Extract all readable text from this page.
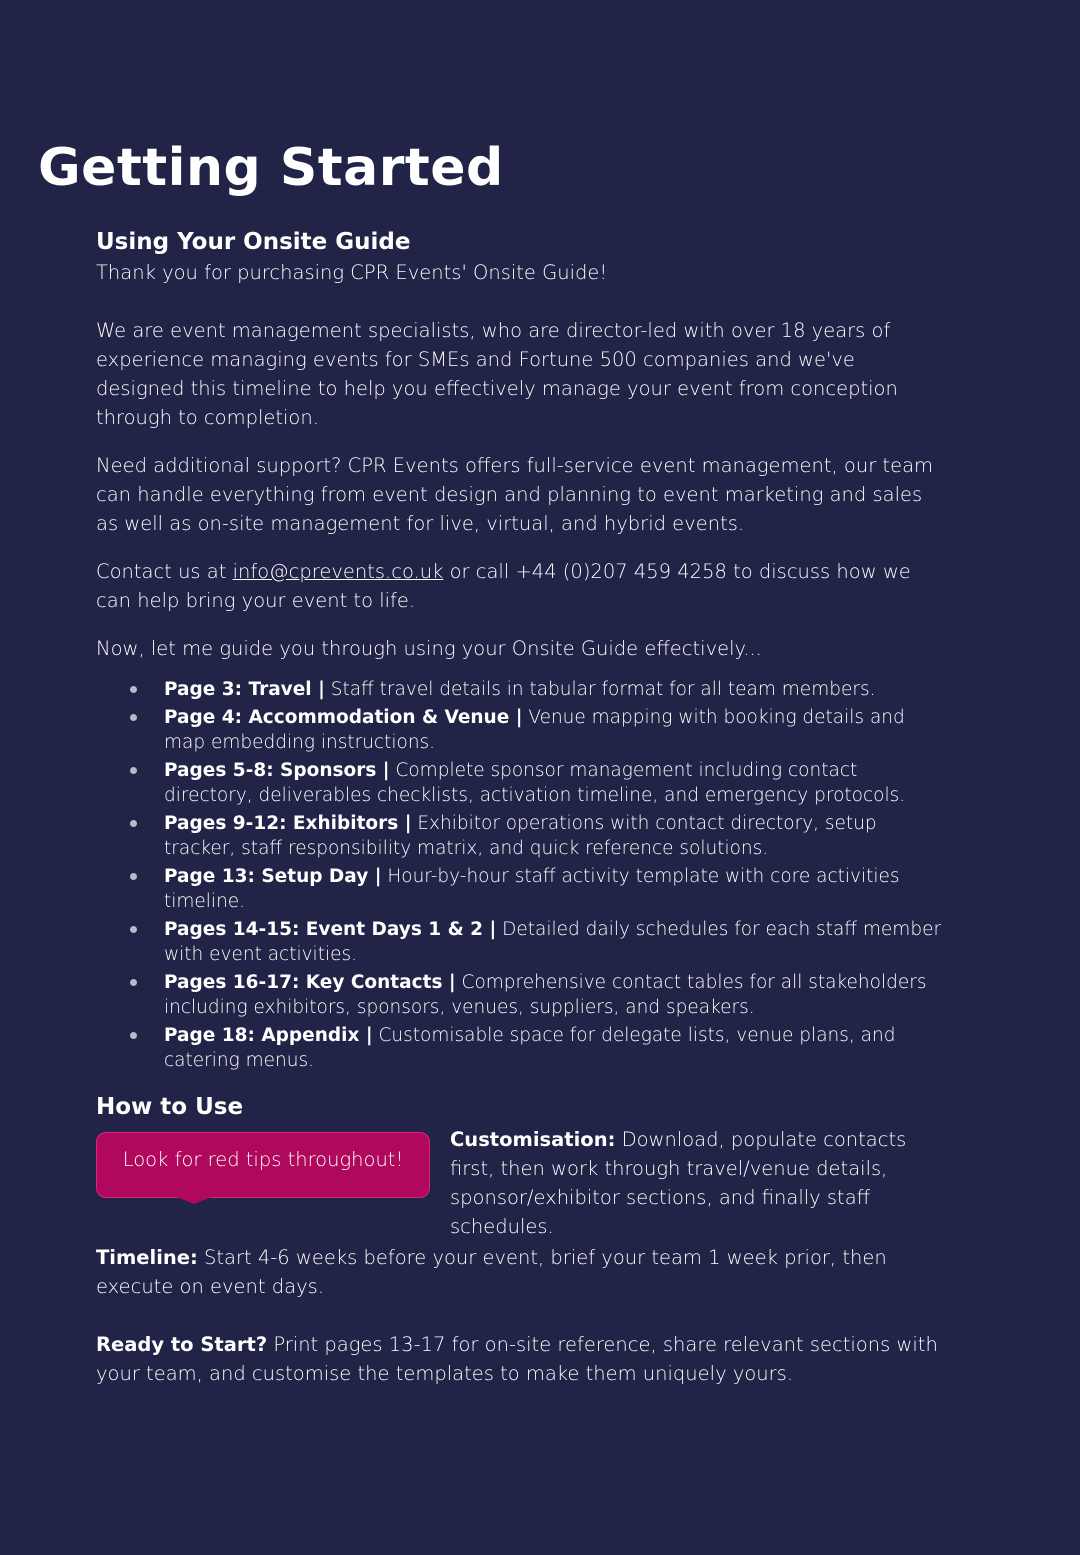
Getting Started
Using Your Onsite Guide

Thank you for purchasing CPR Events' Onsite Guide!

We are event management specialists, who are director-led with over 18 years of experience managing events for SMEs and Fortune 500 companies and we've designed this timeline to help you effectively manage your event from conception through to completion.

Need additional support? CPR Events offers full-service event management, our team can handle everything from event design and planning to event marketing and sales as well as on-site management for live, virtual, and hybrid events.

Contact us at info@cprevents.co.uk or call +44 (0)207 459 4258 to discuss how we can help bring your event to life.

Now, let me guide you through using your Onsite Guide effectively...

Page 3: Travel | Staff travel details in tabular format for all team members.
Page 4: Accommodation & Venue | Venue mapping with booking details and map embedding instructions.
Pages 5-8: Sponsors | Complete sponsor management including contact directory, deliverables checklists, activation timeline, and emergency protocols.
Pages 9-12: Exhibitors | Exhibitor operations with contact directory, setup tracker, staff responsibility matrix, and quick reference solutions.
Page 13: Setup Day | Hour-by-hour staff activity template with core activities timeline.
Pages 14-15: Event Days 1 & 2 | Detailed daily schedules for each staff member with event activities.
Pages 16-17: Key Contacts | Comprehensive contact tables for all stakeholders including exhibitors, sponsors, venues, suppliers, and speakers.
Page 18: Appendix | Customisable space for delegate lists, venue plans, and catering menus.
How to Use
Look for red tips throughout!

Customisation: Download, populate contacts first, then work through travel/venue details, sponsor/exhibitor sections, and finally staff schedules.

Timeline: Start 4-6 weeks before your event, brief your team 1 week prior, then execute on event days.

Ready to Start? Print pages 13-17 for on-site reference, share relevant sections with your team, and customise the templates to make them uniquely yours.
